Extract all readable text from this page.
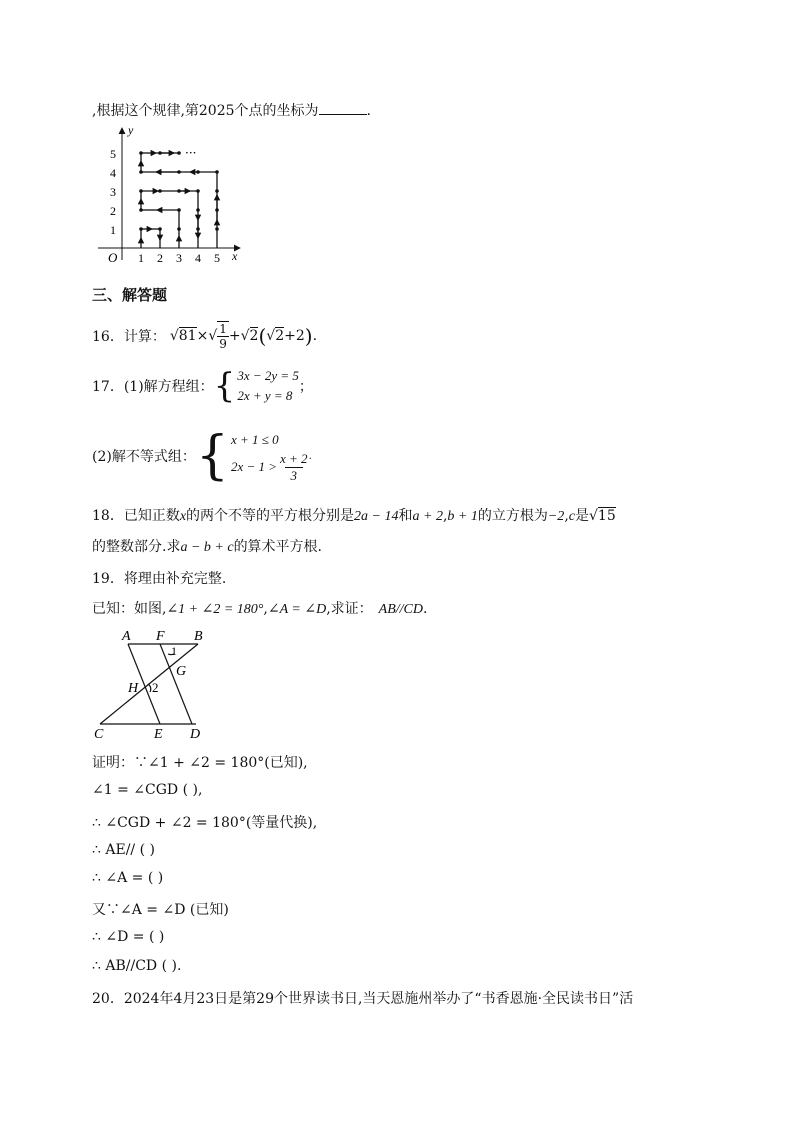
,根据这个规律,第2025个点的坐标为	.
y
x
O 1 2 3 4 5
1
2
3
4
5	···
三、解答题
16． 计算： √81 × √ 1
9 + √2 ( √2 +2 ) .
17． (1)解方程组： { 3x − 2y = 5
2x + y = 8
；
(2)解不等式组： { x + 1 ≤ 0
2x − 1 >
x + 2
3
.
18．已知正数x的两个不等的平方根分别是2a − 14和a + 2,b + 1的立方根为−2,c是√15
的整数部分.求a − b + c的算术平方根.
19．将理由补充完整.
已知：如图,∠1 + ∠2 = 180°,∠A = ∠D,求证： AB//CD.
A F B
1
G
H 2
C	E D
证明：∵∠1 + ∠2 = 180°(已知),
∠1 = ∠CGD ( ),
∴ ∠CGD + ∠2 = 180°(等量代换),
∴ AE// ( )
∴ ∠A = ( )
又∵∠A = ∠D (已知)
∴ ∠D = ( )
∴ AB//CD ( ).
20．2024年4月23日是第29个世界读书日,当天恩施州举办了“书香恩施·全民读书日”活
